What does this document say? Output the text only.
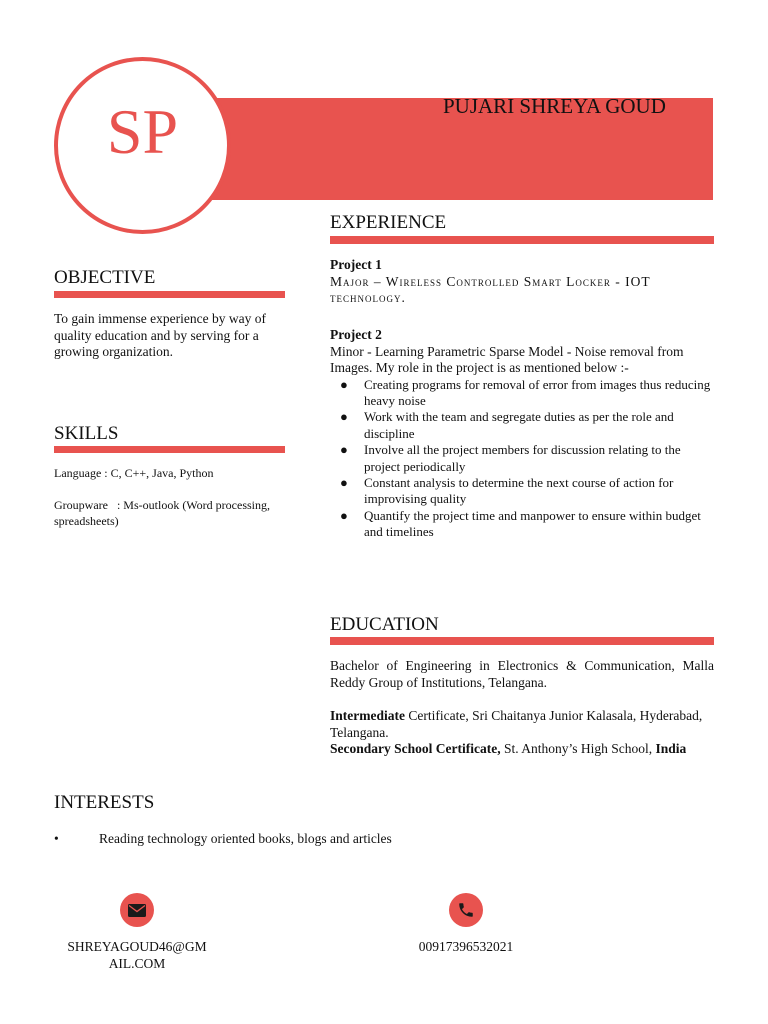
SP	PUJARI SHREYA GOUD
OBJECTIVE
To gain immense experience by way of
quality education and by serving for a
growing organization.
SKILLS
Language : C, C++, Java, Python
Groupware   : Ms-outlook (Word processing,
spreadsheets)
EXPERIENCE
Project 1
Major – Wireless Controlled Smart Locker - IOT
technology.
Project 2
Minor - Learning Parametric Sparse Model - Noise removal from
Images. My role in the project is as mentioned below :-
● Creating programs for removal of error from images thus reducing heavy noise
● Work with the team and segregate duties as per the role and discipline
● Involve all the project members for discussion relating to the project periodically
● Constant analysis to determine the next course of action for improvising quality
● Quantify the project time and manpower to ensure within budget and timelines
EDUCATION
Bachelor of Engineering in Electronics & Communication, Malla
Reddy Group of Institutions, Telangana.
Intermediate Certificate, Sri Chaitanya Junior Kalasala, Hyderabad,
Telangana.
Secondary School Certificate, St. Anthony’s High School, India
INTERESTS
•	Reading technology oriented books, blogs and articles
SHREYAGOUD46@GM
AIL.COM
00917396532021
